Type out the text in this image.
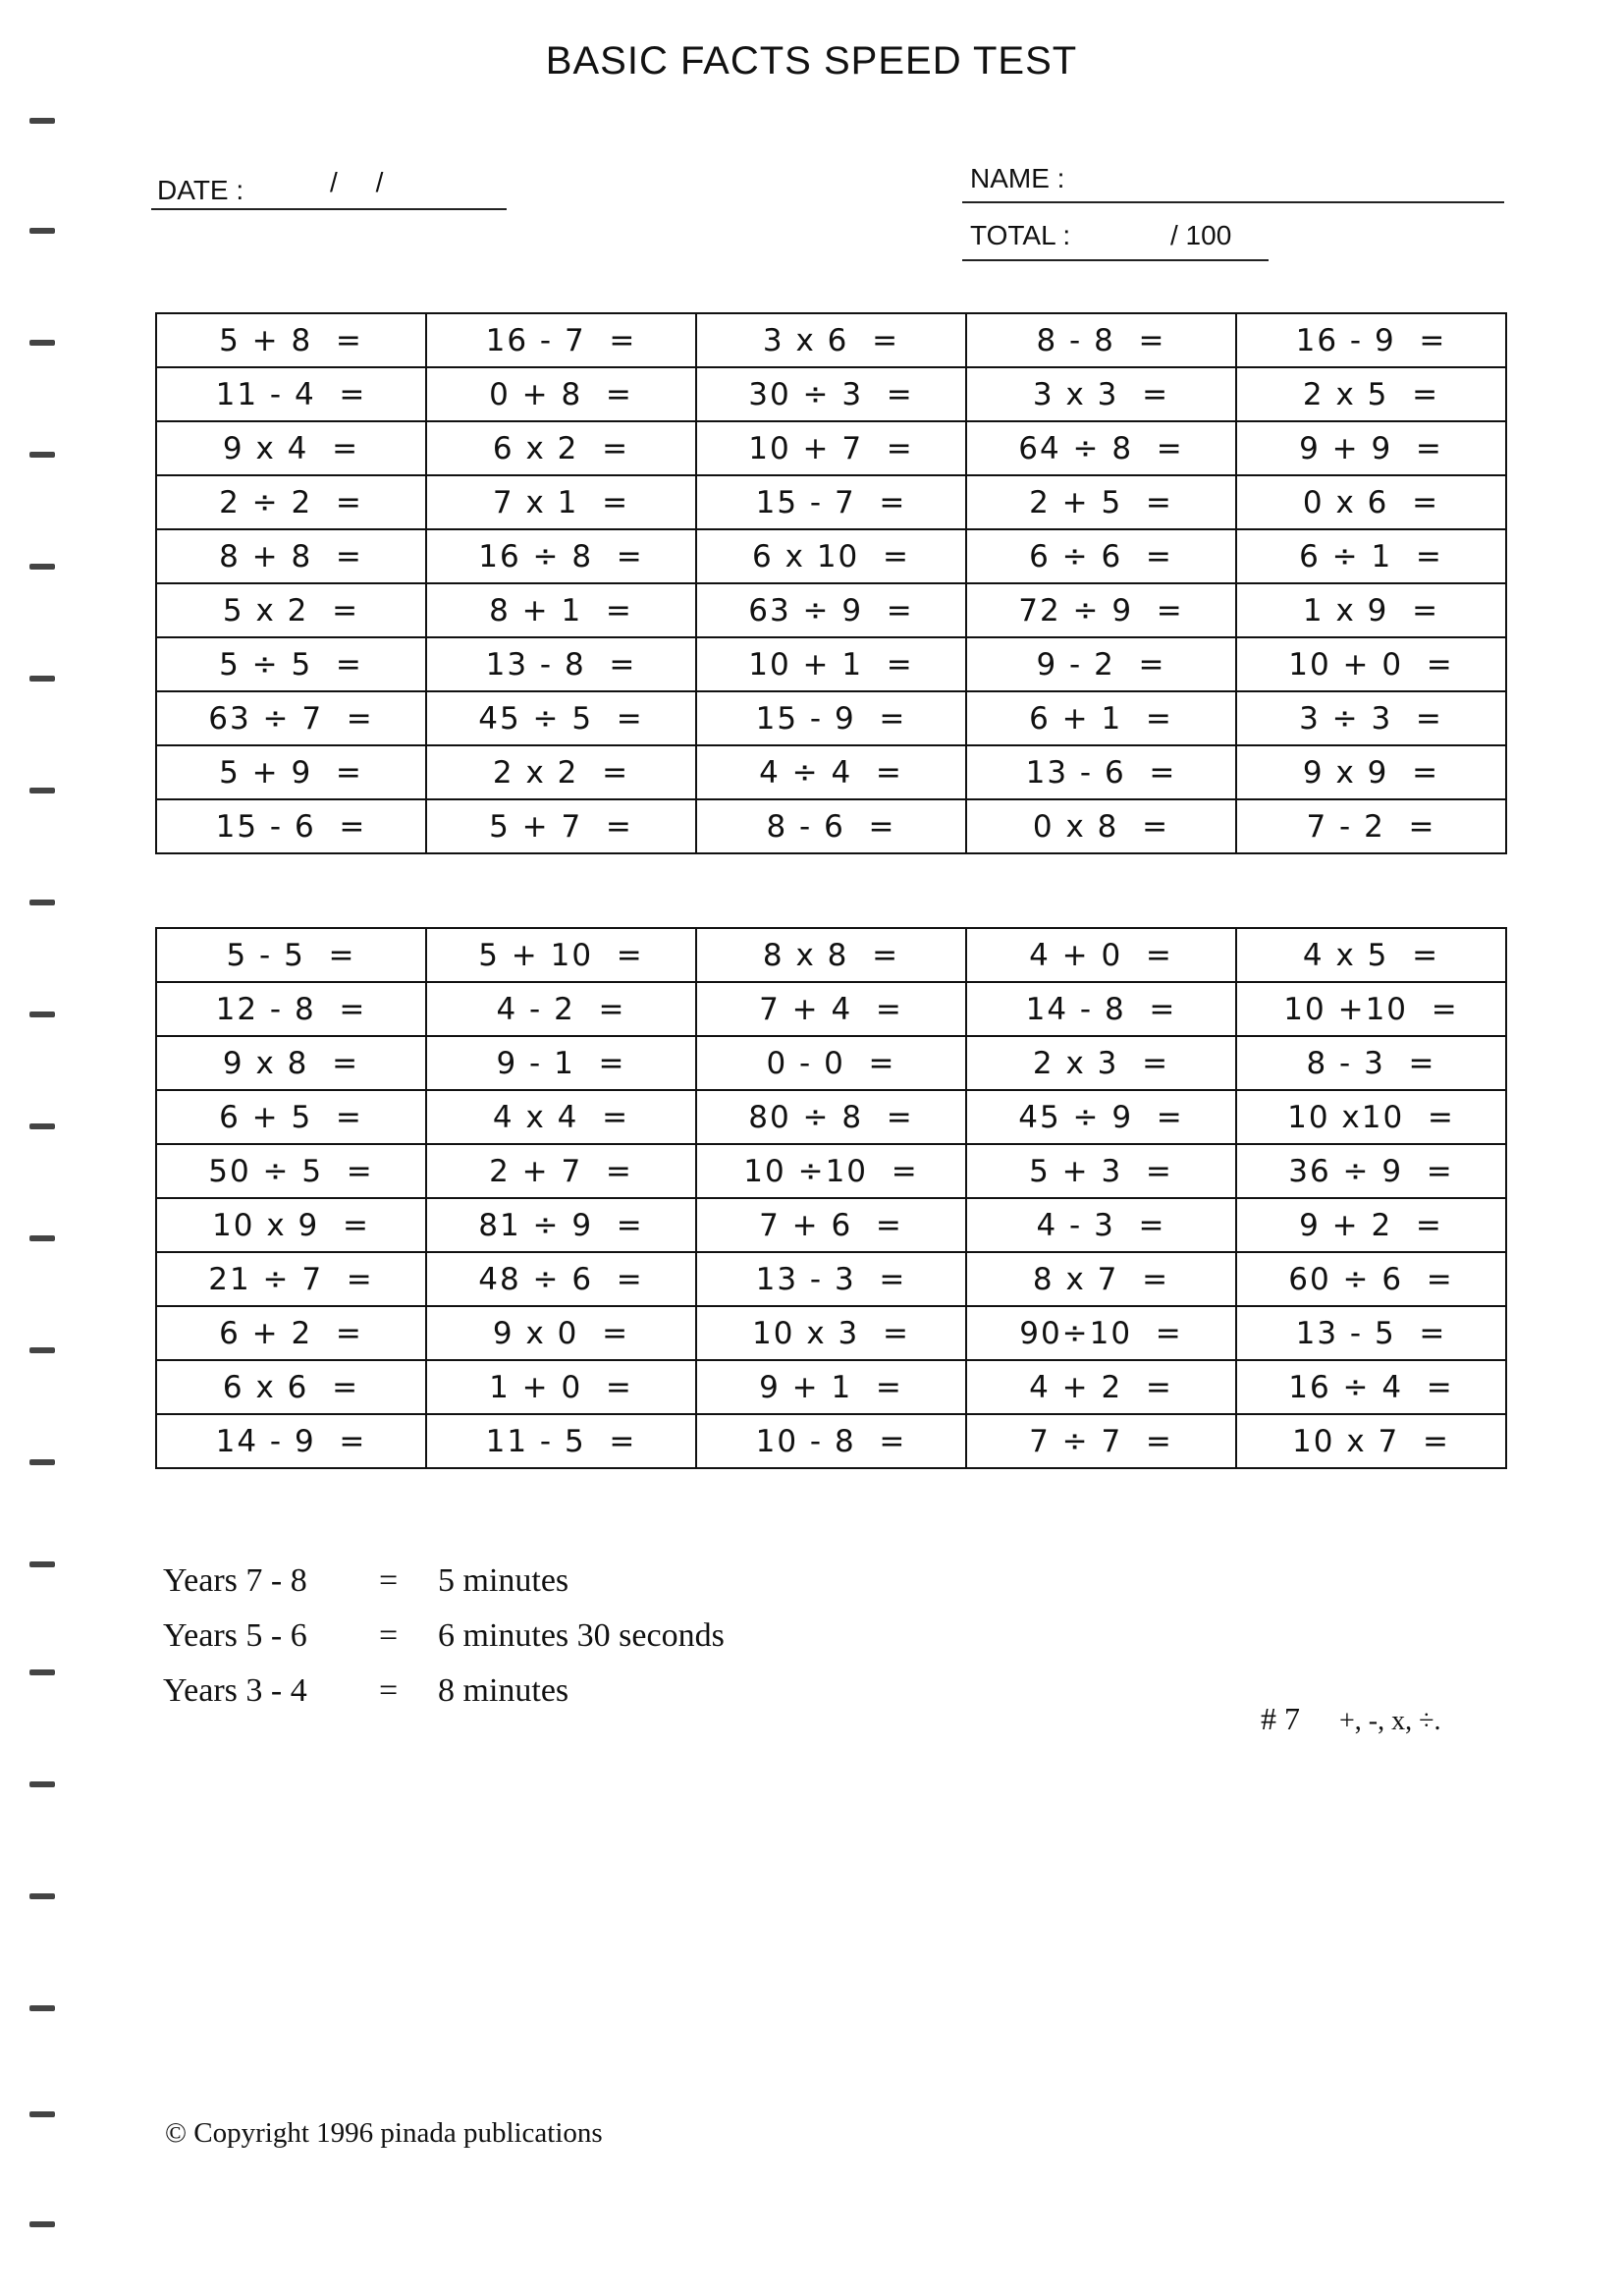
BASIC FACTS SPEED TEST
DATE :	/     /	NAME :
TOTAL :	/ 100
5 + 8  =	16 - 7  =	3 x 6  =	8 - 8  =	16 - 9  =
11 - 4  =	0 + 8  =	30 ÷ 3  =	3 x 3  =	2 x 5  =
9 x 4  =	6 x 2  =	10 + 7  =	64 ÷ 8  =	9 + 9  =
2 ÷ 2  =	7 x 1  =	15 - 7  =	2 + 5  =	0 x 6  =
8 + 8  =	16 ÷ 8  =	6 x 10  =	6 ÷ 6  =	6 ÷ 1  =
5 x 2  =	8 + 1  =	63 ÷ 9  =	72 ÷ 9  =	1 x 9  =
5 ÷ 5  =	13 - 8  =	10 + 1  =	9 - 2  =	10 + 0  =
63 ÷ 7  =	45 ÷ 5  =	15 - 9  =	6 + 1  =	3 ÷ 3  =
5 + 9  =	2 x 2  =	4 ÷ 4  =	13 - 6  =	9 x 9  =
15 - 6  =	5 + 7  =	8 - 6  =	0 x 8  =	7 - 2  =
5 - 5  =	5 + 10  =	8 x 8  =	4 + 0  =	4 x 5  =
12 - 8  =	4 - 2  =	7 + 4  =	14 - 8  =	10 +10  =
9 x 8  =	9 - 1  =	0 - 0  =	2 x 3  =	8 - 3  =
6 + 5  =	4 x 4  =	80 ÷ 8  =	45 ÷ 9  =	10 x10  =
50 ÷ 5  =	2 + 7  =	10 ÷10  =	5 + 3  =	36 ÷ 9  =
10 x 9  =	81 ÷ 9  =	7 + 6  =	4 - 3  =	9 + 2  =
21 ÷ 7  =	48 ÷ 6  =	13 - 3  =	8 x 7  =	60 ÷ 6  =
6 + 2  =	9 x 0  =	10 x 3  =	90÷10  =	13 - 5  =
6 x 6  =	1 + 0  =	9 + 1  =	4 + 2  =	16 ÷ 4  =
14 - 9  =	11 - 5  =	10 - 8  =	7 ÷ 7  =	10 x 7  =
Years 7 - 8	=	5 minutes
Years 5 - 6	=	6 minutes 30 seconds
Years 3 - 4	=	8 minutes

# 7 +, -, x, ÷.

© Copyright 1996 pinada publications
